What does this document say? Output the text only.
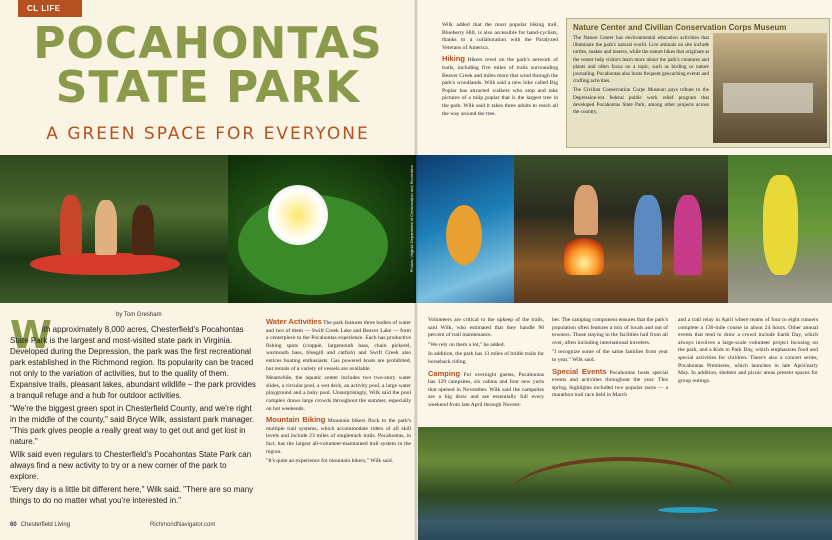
CL LIFE
POCAHONTAS
STATE PARK
A GREEN SPACE FOR EVERYONE
Photos: Virginia Department of Conservation and Recreation
by Tom Gresham
W

ith approximately 8,000 acres, Chesterfield's Pocahontas State Park is the largest and most-visited state park in Virginia. Developed during the Depression, the park was the first recreational park established in the Richmond region. Its popularity can be traced not only to the variation of activities, but to the quality of them. Expansive trails, pleasant lakes, abundant wildlife – the park provides a tranquil refuge and a hub for outdoor activities.

"We're the biggest green spot in Chesterfield County, and we're right in the middle of the county," said Bryce Wilk, assistant park manager. "This park gives people a really great way to get out and get lost in nature."

Wilk said even regulars to Chesterfield's Pocahontas State Park can always find a new activity to try or a new corner of the park to explore.

"Every day is a little bit different here," Wilk said. "There are so many things to do no matter what you're interested in."

Water Activities The park features three bodies of water and two of them — Swift Creek Lake and Beaver Lake — form a centerpiece to the Pocahontas experience. Each has productive fishing spots (crappie, largemouth bass, chain pickerel, warmouth bass, bluegill and catfish) and Swift Creek also entices boating enthusiasts. Gas powered boats are prohibited, but rentals of a variety of vessels are available.

Meanwhile, the aquatic center includes two two-story water slides, a circular pool, a wet deck, an activity pool, a large water playground and a baby pool. Unsurprisingly, Wilk said the pool complex draws large crowds throughout the summer, especially on hot weekends.

Mountain Biking Mountain bikers flock to the park's multiple trail systems, which accommodate riders of all skill levels and include 23 miles of singletrack trails. Pocahontas, in fact, has the largest all-volunteer-maintained trail system in the region.

"It's quite an experience for mountain bikers," Wilk said.

60 Chesterfield Living	RichmondNavigator.com

Wilk added that the most popular biking trail, Blueberry Hill, is also accessible for hand-cyclists, thanks to a collaboration with the Paralyzed Veterans of America.

Hiking Hikers revel on the park's network of trails, including five miles of trails surrounding Beaver Creek and miles more that wind through the park's woodlands. Wilk said a new hike called Big Poplar has attracted walkers who stop and take pictures of a tulip poplar that is the largest tree in the park. Wilk said it takes three adults to reach all the way around the tree.

Nature Center and Civilian Conservation Corps Museum

The Nature Center has environmental education activities that illuminate the park's natural world. Live animals on site include turtles, snakes and insects, while the nature hikes that originate at the center help visitors learn more about the park's creatures and plants and often focus on a topic, such as birding or nature journaling. Pocahontas also hosts frequent geocaching events and crafting activities.

The Civilian Conservation Corps Museum pays tribute to the Depression-era federal public work relief program that developed Pocahontas State Park, among other projects across the country.

Volunteers are critical to the upkeep of the trails, said Wilk, who estimated that they handle 90 percent of trail maintenance.

"We rely on them a lot," he added.

In addition, the park has 13 miles of bridle trails for horseback riding.

Camping For overnight guests, Pocahontas has 129 campsites, six cabins and four new yurts that opened in November. Wilk said the campsites are a big draw and are essentially full every weekend from late April through Novem-

ber. The camping component ensures that the park's population often features a mix of locals and out of towners. Those staying in the facilities hail from all over, often including international travelers.

"I recognize some of the same families from year to year," Wilk said.

Special Events Pocahontas hosts special events and activities throughout the year. This spring, highlights included two popular races — a marathon trail race held in March

and a trail relay in April where teams of four to eight runners complete a 130-mile course in about 24 hours. Other annual events that tend to draw a crowd include Earth Day, which always involves a large-scale volunteer project focusing on the park, and a Kids to Park Day, which emphasizes food and special activities for children. There's also a concert series, Pocahontas Premieres, which launches in late April/early May. In addition, shelters and picnic areas present spaces for group outings.
